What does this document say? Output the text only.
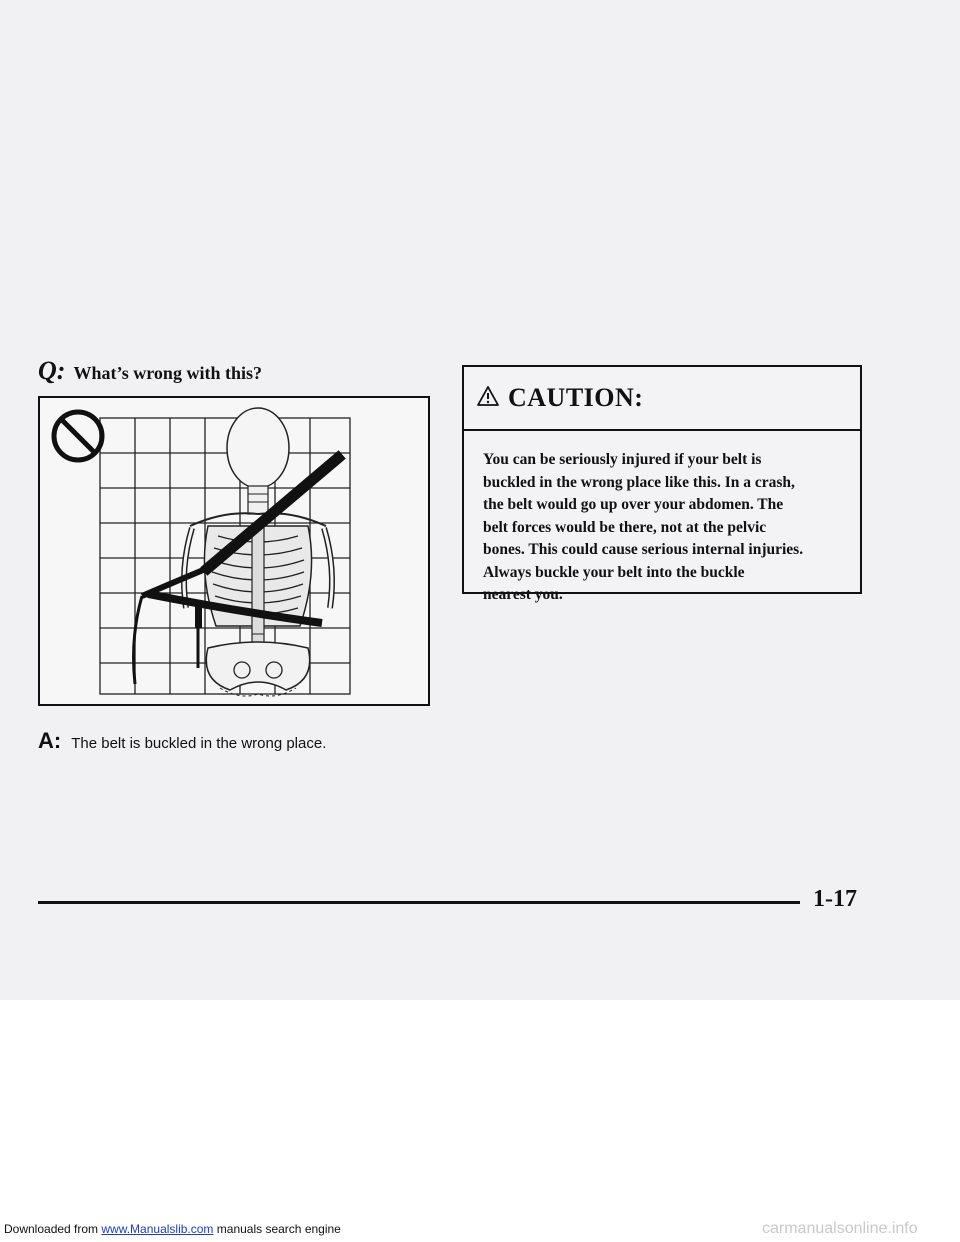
Q: What’s wrong with this?
A: The belt is buckled in the wrong place.
CAUTION:
You can be seriously injured if your belt is
buckled in the wrong place like this. In a crash,
the belt would go up over your abdomen. The
belt forces would be there, not at the pelvic
bones. This could cause serious internal injuries.
Always buckle your belt into the buckle
nearest you.
1-17
Downloaded from www.Manualslib.com manuals search engine	carmanualsonline.info
